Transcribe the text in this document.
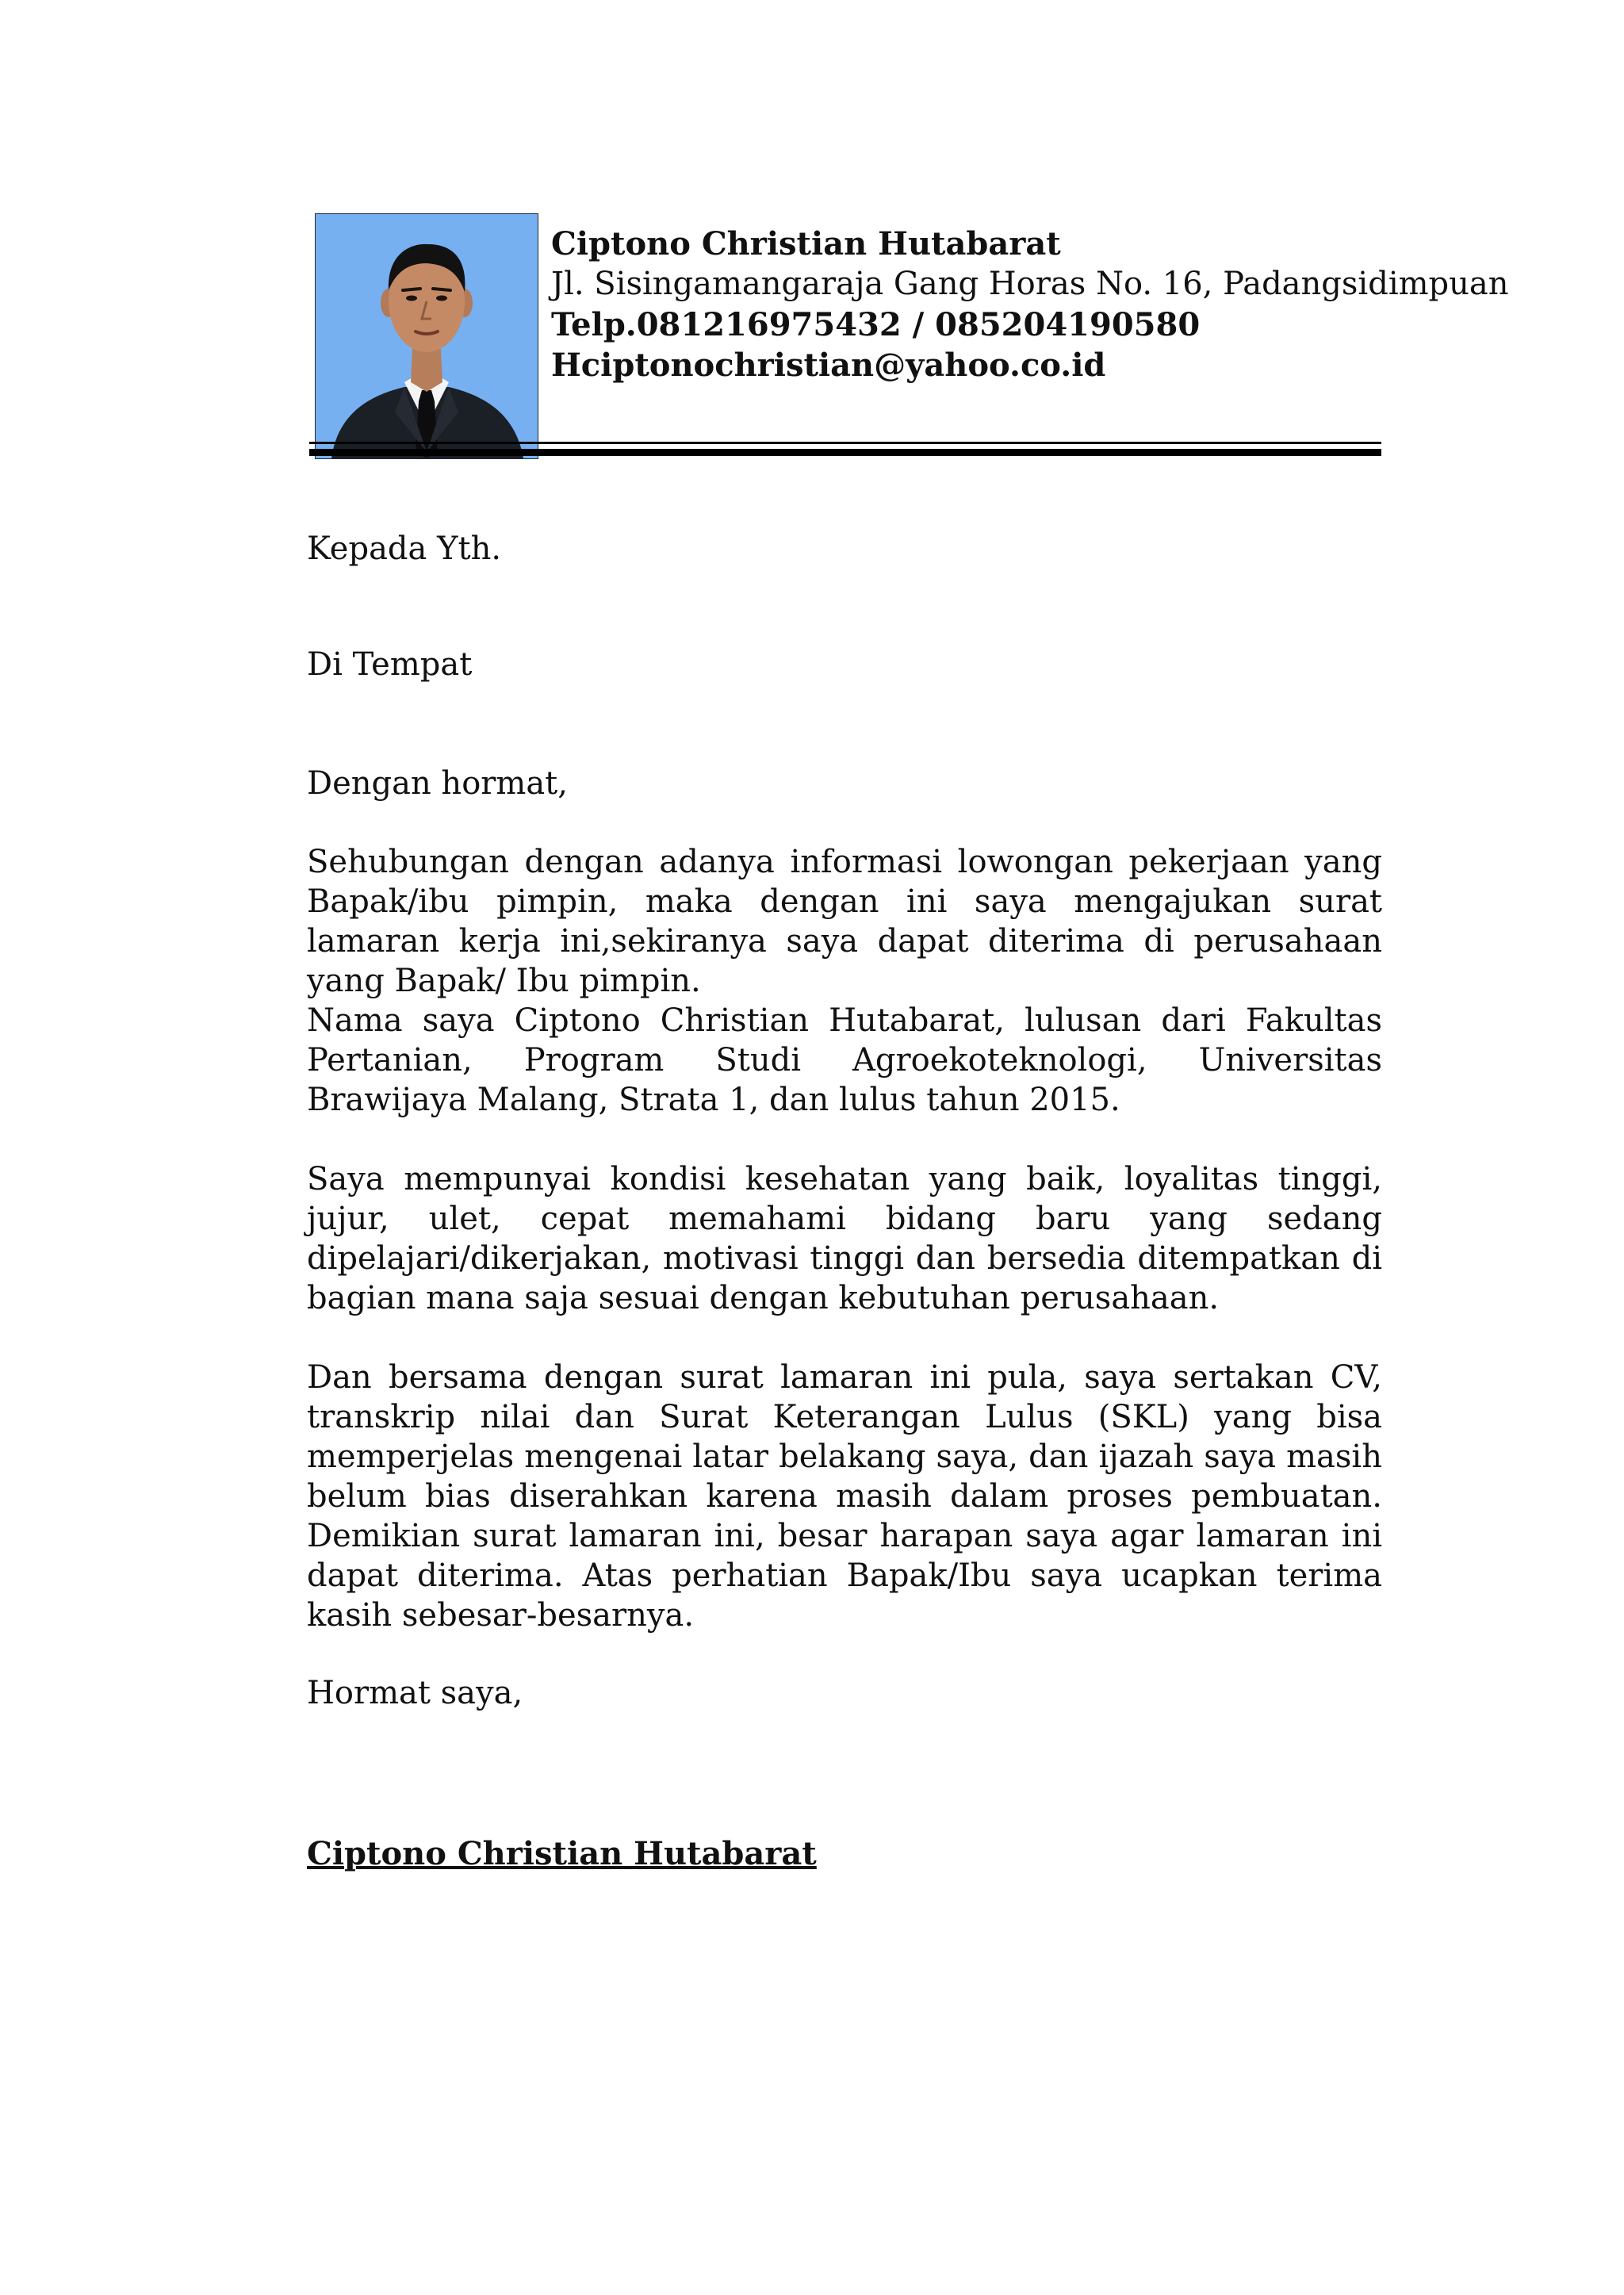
Ciptono Christian Hutabarat
Jl. Sisingamangaraja Gang Horas No. 16, Padangsidimpuan
Telp.081216975432 / 085204190580
Hciptonochristian@yahoo.co.id
Kepada Yth.
Di Tempat
Dengan hormat,
Sehubungan dengan adanya informasi lowongan pekerjaan yang Bapak/ibu pimpin, maka dengan ini saya mengajukan surat lamaran kerja ini,sekiranya saya dapat diterima di perusahaan yang Bapak/ Ibu pimpin.
Nama saya Ciptono Christian Hutabarat, lulusan dari Fakultas Pertanian, Program Studi Agroekoteknologi, Universitas Brawijaya Malang, Strata 1, dan lulus tahun 2015.
Saya mempunyai kondisi kesehatan yang baik, loyalitas tinggi, jujur, ulet, cepat memahami bidang baru yang sedang dipelajari/dikerjakan, motivasi tinggi dan bersedia ditempatkan di bagian mana saja sesuai dengan kebutuhan perusahaan.
Dan bersama dengan surat lamaran ini pula, saya sertakan CV, transkrip nilai dan Surat Keterangan Lulus (SKL) yang bisa memperjelas mengenai latar belakang saya, dan ijazah saya masih belum bias diserahkan karena masih dalam proses pembuatan. Demikian surat lamaran ini, besar harapan saya agar lamaran ini dapat diterima. Atas perhatian Bapak/Ibu saya ucapkan terima kasih sebesar-besarnya.
Hormat saya,
Ciptono Christian Hutabarat
